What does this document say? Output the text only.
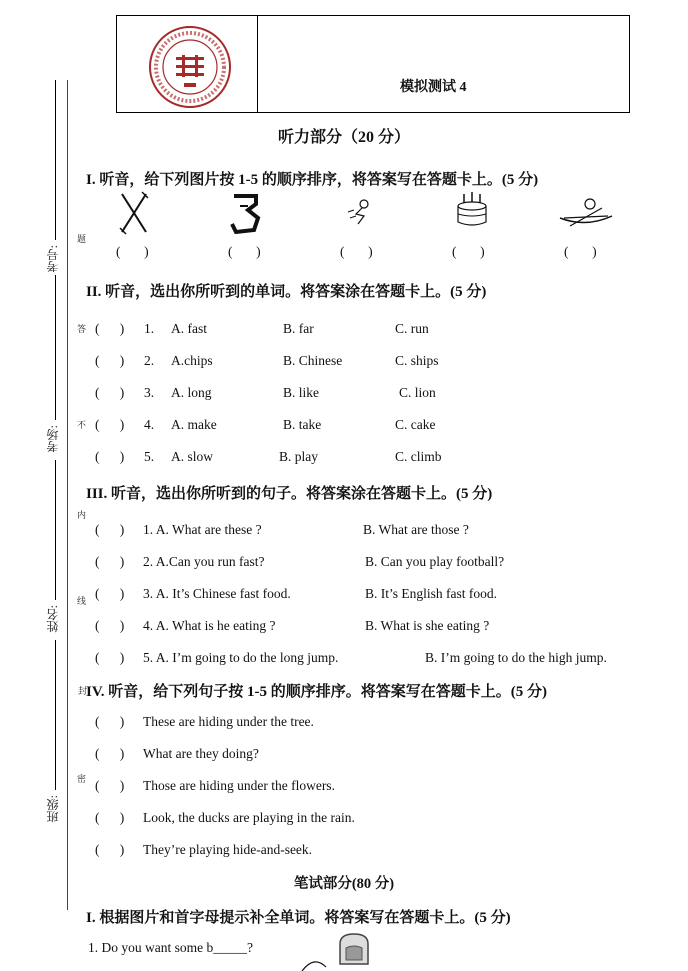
考号:
考场:
姓名:
班级:
题
答
不
内
线
封
密
模拟测试 4
听力部分（20 分）
I. 听音，给下列图片按 1-5 的顺序排序，将答案写在答题卡上。(5 分)
(       )	(       )	(       )	(       )	(       )
II. 听音，选出你所听到的单词。将答案涂在答题卡上。(5 分)
(      ) 1. A. fast	B. far	C. run
(      ) 2. A.chips	B. Chinese	C. ships
(      ) 3. A. long	B. like	C. lion
(      ) 4. A. make	B. take	C. cake
(      ) 5. A. slow	B. play	C. climb
III. 听音，选出你所听到的句子。将答案涂在答题卡上。(5 分)
(      ) 1. A. What are these ?	B. What are those ?
(      ) 2. A.Can you run fast?	B. Can you play football?
(      ) 3. A. It’s Chinese fast food.	B. It’s English fast food.
(      ) 4. A. What is he eating ?	B. What is she eating ?
(      ) 5. A. I’m going to do the long jump.	B. I’m going to do the high jump.
IV. 听音，给下列句子按 1-5 的顺序排序。将答案写在答题卡上。(5 分)
(      ) These are hiding under the tree.
(      ) What are they doing?
(      ) Those are hiding under the flowers.
(      ) Look, the ducks are playing in the rain.
(      ) They’re playing hide-and-seek.
笔试部分(80 分)
I. 根据图片和首字母提示补全单词。将答案写在答题卡上。(5 分)
1. Do you want some b_____?
